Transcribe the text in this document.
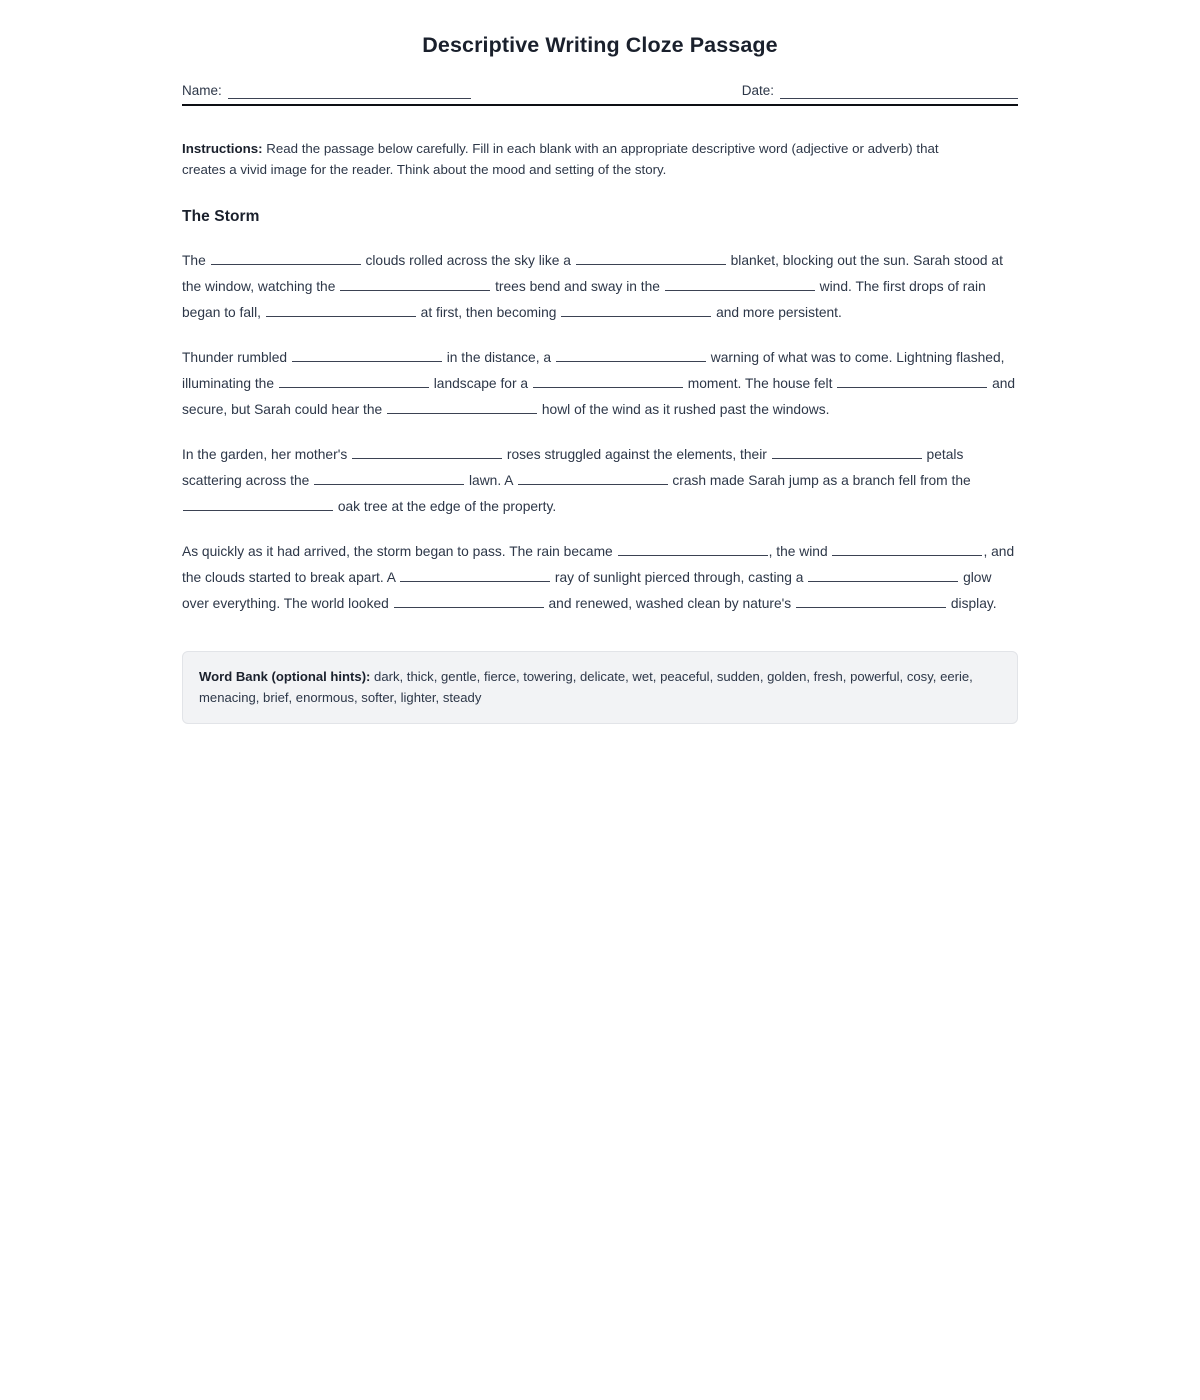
Descriptive Writing Cloze Passage
Name:	Date:

Instructions: Read the passage below carefully. Fill in each blank with an appropriate descriptive word (adjective or adverb) that creates a vivid image for the reader. Think about the mood and setting of the story.

The Storm

The	clouds rolled across the sky like a	blanket, blocking out the sun. Sarah stood at the window, watching the	trees bend and sway in the	wind. The first drops of rain began to fall,	at first, then becoming	and more persistent.

Thunder rumbled	in the distance, a	warning of what was to come. Lightning flashed, illuminating the	landscape for a	moment. The house felt	and secure, but Sarah could hear the	howl of the wind as it rushed past the windows.

In the garden, her mother's	roses struggled against the elements, their	petals scattering across the	lawn. A	crash made Sarah jump as a branch fell from the  oak tree at the edge of the property.

As quickly as it had arrived, the storm began to pass. The rain became	, the wind	, and the clouds started to break apart. A	ray of sunlight pierced through, casting a	glow over everything. The world looked	and renewed, washed clean by nature's	display.

Word Bank (optional hints): dark, thick, gentle, fierce, towering, delicate, wet, peaceful, sudden, golden, fresh, powerful, cosy, eerie, menacing, brief, enormous, softer, lighter, steady
